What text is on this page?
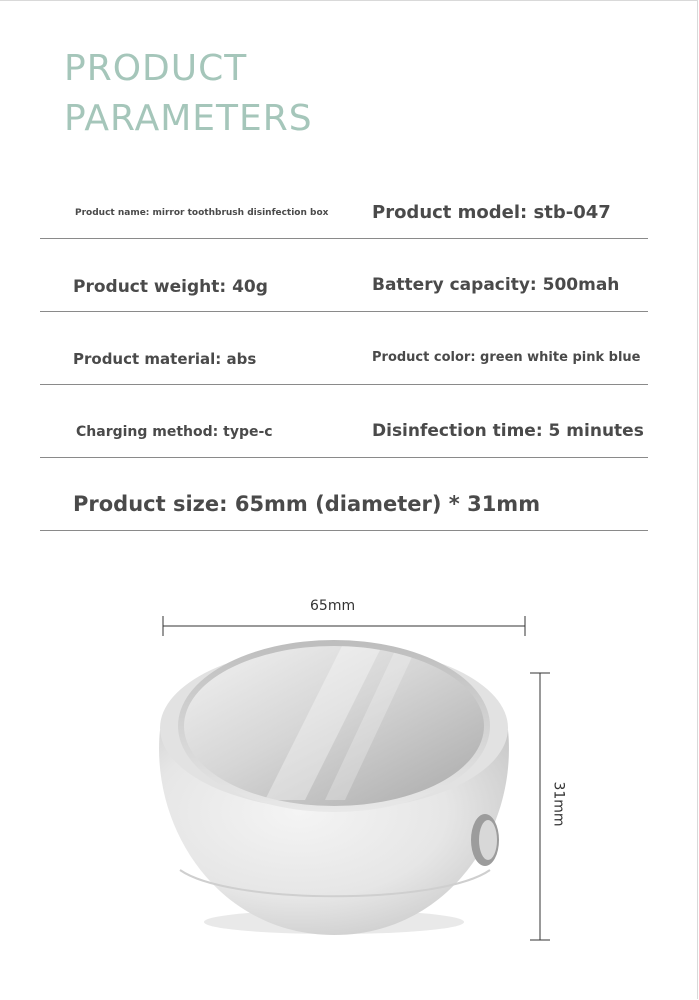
PRODUCT
PARAMETERS
Product name: mirror toothbrush disinfection box Product model: stb-047
Product weight: 40g	Battery capacity: 500mah
Product material: abs	Product color: green white pink blue
Charging method: type-c	Disinfection time: 5 minutes
Product size: 65mm (diameter) * 31mm
65mm
31mm
